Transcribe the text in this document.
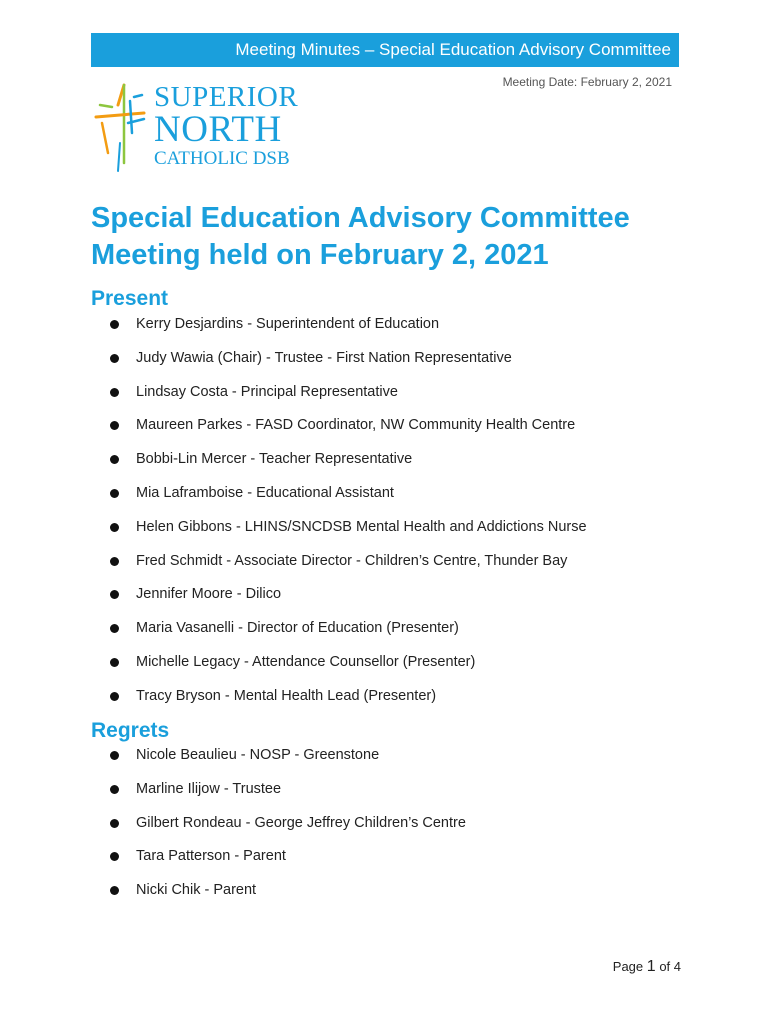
Meeting Minutes – Special Education Advisory Committee
Meeting Date: February 2, 2021
SUPERIOR
NORTH
CATHOLIC DSB
Special Education Advisory Committee Meeting held on February 2, 2021
Present
Kerry Desjardins - Superintendent of Education
Judy Wawia (Chair) - Trustee - First Nation Representative
Lindsay Costa - Principal Representative
Maureen Parkes - FASD Coordinator, NW Community Health Centre
Bobbi-Lin Mercer - Teacher Representative
Mia Laframboise - Educational Assistant
Helen Gibbons - LHINS/SNCDSB Mental Health and Addictions Nurse
Fred Schmidt - Associate Director - Children’s Centre, Thunder Bay
Jennifer Moore - Dilico
Maria Vasanelli - Director of Education (Presenter)
Michelle Legacy - Attendance Counsellor (Presenter)
Tracy Bryson - Mental Health Lead (Presenter)
Regrets
Nicole Beaulieu - NOSP - Greenstone
Marline Ilijow - Trustee
Gilbert Rondeau - George Jeffrey Children’s Centre
Tara Patterson - Parent
Nicki Chik - Parent
Page 1 of 4
